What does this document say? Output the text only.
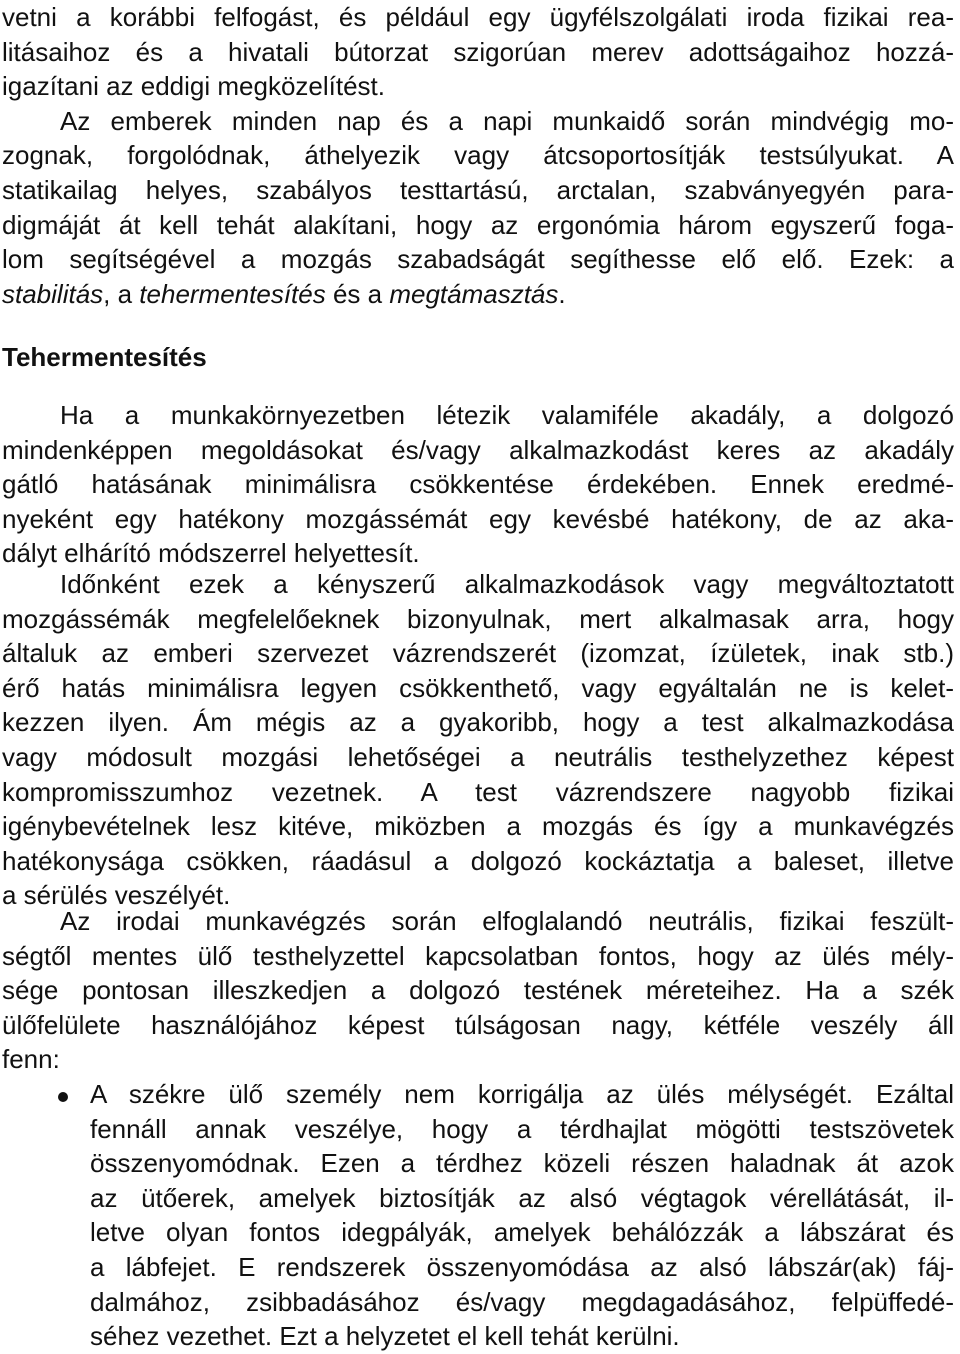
vetni a korábbi felfogást, és például egy ügyfélszolgálati iroda fizikai rea-

litásaihoz és a hivatali bútorzat szigorúan merev adottságaihoz hozzá-

igazítani az eddigi megközelítést.

Az emberek minden nap és a napi munkaidő során mindvégig mo-

zognak, forgolódnak, áthelyezik vagy átcsoportosítják testsúlyukat. A

statikailag helyes, szabályos testtartású, arctalan, szabványegyén para-

digmáját át kell tehát alakítani, hogy az ergonómia három egyszerű foga-

lom segítségével a mozgás szabadságát segíthesse elő elő. Ezek: a

stabilitás, a tehermentesítés és a megtámasztás.

Tehermentesítés

Ha a munkakörnyezetben létezik valamiféle akadály, a dolgozó

mindenképpen megoldásokat és/vagy alkalmazkodást keres az akadály

gátló hatásának minimálisra csökkentése érdekében. Ennek eredmé-

nyeként egy hatékony mozgássémát egy kevésbé hatékony, de az aka-

dályt elhárító módszerrel helyettesít.

Időnként ezek a kényszerű alkalmazkodások vagy megváltoztatott

mozgássémák megfelelőeknek bizonyulnak, mert alkalmasak arra, hogy

általuk az emberi szervezet vázrendszerét (izomzat, ízületek, inak stb.)

érő hatás minimálisra legyen csökkenthető, vagy egyáltalán ne is kelet-

kezzen ilyen. Ám mégis az a gyakoribb, hogy a test alkalmazkodása

vagy módosult mozgási lehetőségei a neutrális testhelyzethez képest

kompromisszumhoz vezetnek. A test vázrendszere nagyobb fizikai

igénybevételnek lesz kitéve, miközben a mozgás és így a munkavégzés

hatékonysága csökken, ráadásul a dolgozó kockáztatja a baleset, illetve

a sérülés veszélyét.

Az irodai munkavégzés során elfoglalandó neutrális, fizikai feszült-

ségtől mentes ülő testhelyzettel kapcsolatban fontos, hogy az ülés mély-

sége pontosan illeszkedjen a dolgozó testének méreteihez. Ha a szék

ülőfelülete használójához képest túlságosan nagy, kétféle veszély áll

fenn:

A székre ülő személy nem korrigálja az ülés mélységét. Ezáltal

fennáll annak veszélye, hogy a térdhajlat mögötti testszövetek

összenyomódnak. Ezen a térdhez közeli részen haladnak át azok

az ütőerek, amelyek biztosítják az alsó végtagok vérellátását, il-

letve olyan fontos idegpályák, amelyek behálózzák a lábszárat és

a lábfejet. E rendszerek összenyomódása az alsó lábszár(ak) fáj-

dalmához, zsibbadásához és/vagy megdagadásához, felpüffedé-

séhez vezethet. Ezt a helyzetet el kell tehát kerülni.
